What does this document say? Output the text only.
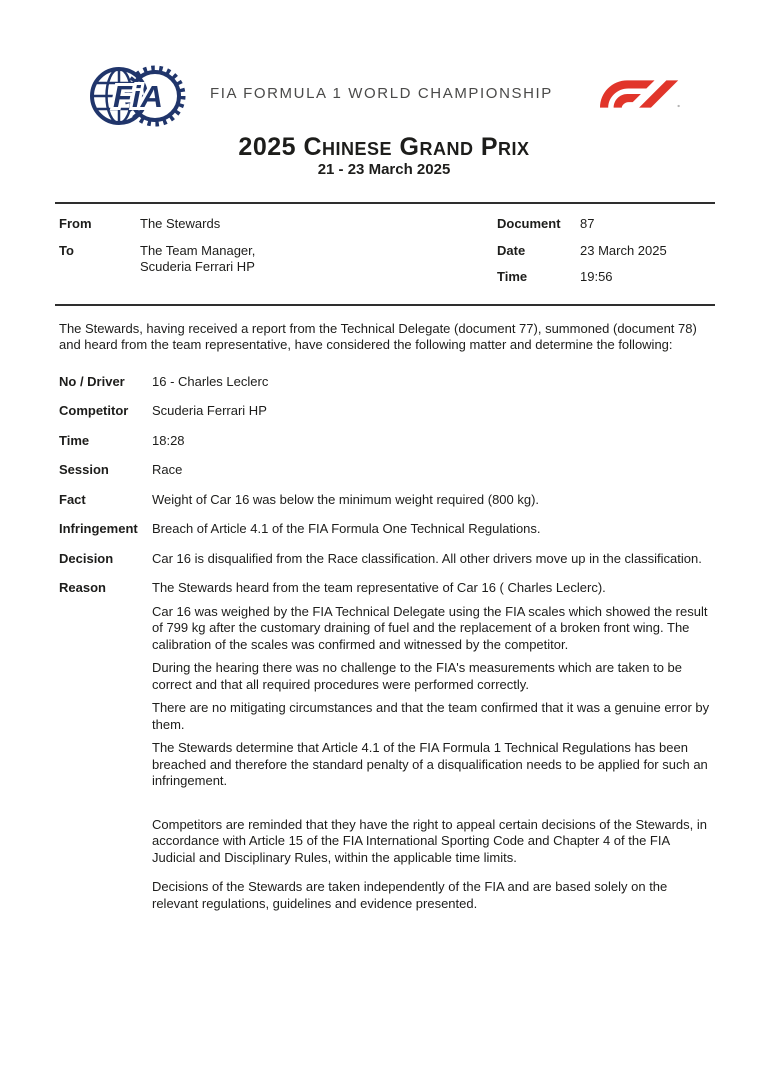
FiA	FIA FORMULA 1 WORLD CHAMPIONSHIP
2025 Chinese Grand Prix
21 - 23 March 2025
From	The Stewards
To	The Team Manager,
Scuderia Ferrari HP
Document	87
Date	23 March 2025
Time	19:56

The Stewards, having received a report from the Technical Delegate (document 77), summoned (document 78) and heard from the team representative, have considered the following matter and determine the following:

No / Driver	16 - Charles Leclerc
Competitor	Scuderia Ferrari HP
Time	18:28
Session	Race
Fact	Weight of Car 16 was below the minimum weight required (800 kg).
Infringement	Breach of Article 4.1 of the FIA Formula One Technical Regulations.
Decision	Car 16 is disqualified from the Race classification. All other drivers move up in the classification.
Reason	The Stewards heard from the team representative of Car 16 ( Charles Leclerc).

Car 16 was weighed by the FIA Technical Delegate using the FIA scales which showed the result of 799 kg after the customary draining of fuel and the replacement of a broken front wing. The calibration of the scales was confirmed and witnessed by the competitor.

During the hearing there was no challenge to the FIA's measurements which are taken to be correct and that all required procedures were performed correctly.

There are no mitigating circumstances and that the team confirmed that it was a genuine error by them.

The Stewards determine that Article 4.1 of the FIA Formula 1 Technical Regulations has been breached and therefore the standard penalty of a disqualification needs to be applied for such an infringement.

Competitors are reminded that they have the right to appeal certain decisions of the Stewards, in accordance with Article 15 of the FIA International Sporting Code and Chapter 4 of the FIA Judicial and Disciplinary Rules, within the applicable time limits.

Decisions of the Stewards are taken independently of the FIA and are based solely on the relevant regulations, guidelines and evidence presented.
